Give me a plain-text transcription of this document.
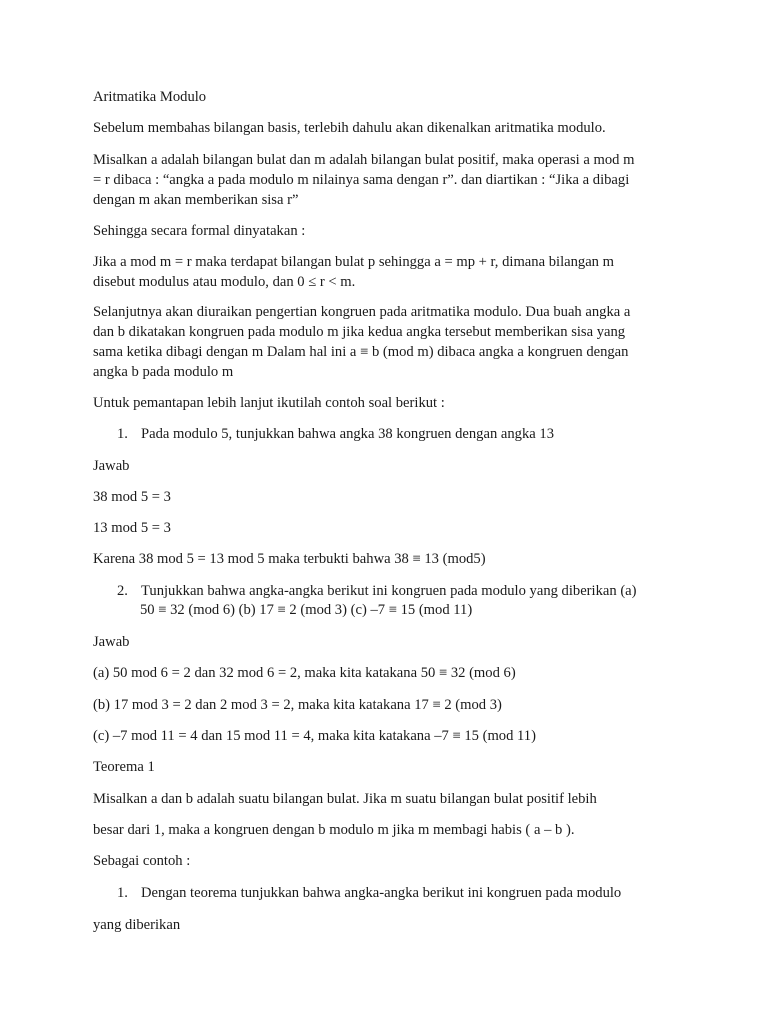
Aritmatika Modulo

Sebelum membahas bilangan basis, terlebih dahulu akan dikenalkan aritmatika modulo.

Misalkan a adalah bilangan bulat dan m adalah bilangan bulat positif, maka operasi a mod m

= r dibaca : “angka a pada modulo m nilainya sama dengan r”. dan diartikan : “Jika a dibagi

dengan m akan memberikan sisa r”

Sehingga secara formal dinyatakan :

Jika a mod m = r maka terdapat bilangan bulat p sehingga a = mp + r, dimana bilangan m

disebut modulus atau modulo, dan 0 ≤ r < m.

Selanjutnya akan diuraikan pengertian kongruen pada aritmatika modulo. Dua buah angka a

dan b dikatakan kongruen pada modulo m jika kedua angka tersebut memberikan sisa yang

sama ketika dibagi dengan m Dalam hal ini a ≡ b (mod m) dibaca angka a kongruen dengan

angka b pada modulo m

Untuk pemantapan lebih lanjut ikutilah contoh soal berikut :

1. Pada modulo 5, tunjukkan bahwa angka 38 kongruen dengan angka 13

Jawab

38 mod 5 = 3

13 mod 5 = 3

Karena 38 mod 5 = 13 mod 5 maka terbukti bahwa 38 ≡ 13 (mod5)

2. Tunjukkan bahwa angka-angka berikut ini kongruen pada modulo yang diberikan (a)

50 ≡ 32 (mod 6) (b) 17 ≡ 2 (mod 3) (c) –7 ≡ 15 (mod 11)

Jawab

(a) 50 mod 6 = 2 dan 32 mod 6 = 2, maka kita katakana 50 ≡ 32 (mod 6)

(b) 17 mod 3 = 2 dan 2 mod 3 = 2, maka kita katakana 17 ≡ 2 (mod 3)

(c) –7 mod 11 = 4 dan 15 mod 11 = 4, maka kita katakana –7 ≡ 15 (mod 11)

Teorema 1

Misalkan a dan b adalah suatu bilangan bulat. Jika m suatu bilangan bulat positif lebih

besar dari 1, maka a kongruen dengan b modulo m jika m membagi habis ( a – b ).

Sebagai contoh :

1. Dengan teorema tunjukkan bahwa angka-angka berikut ini kongruen pada modulo

yang diberikan
